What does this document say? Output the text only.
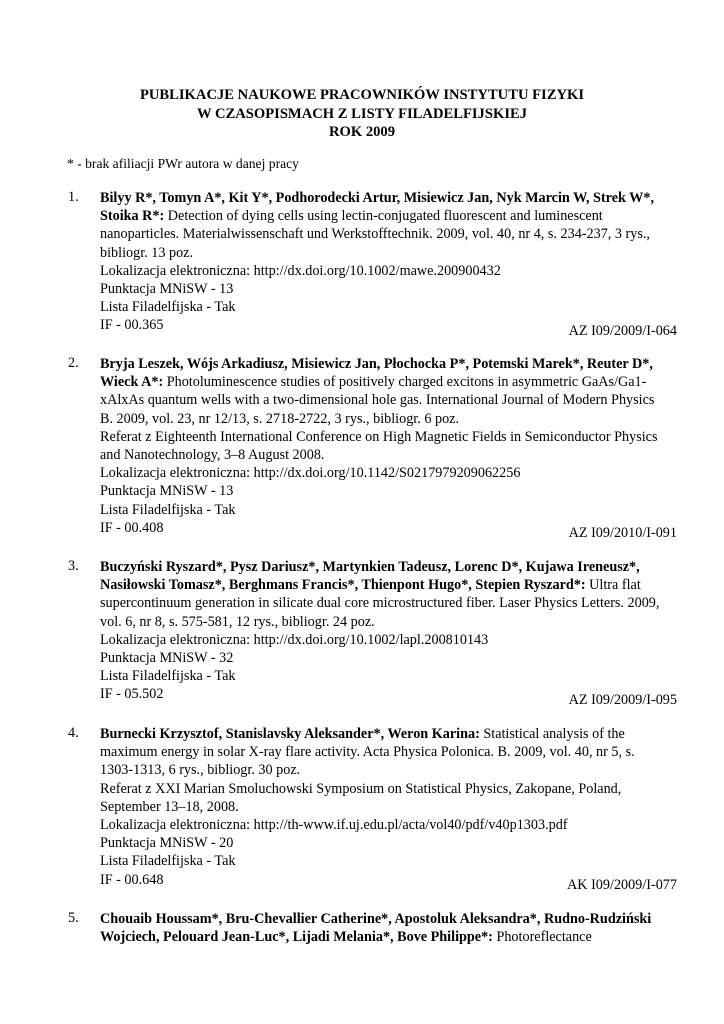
PUBLIKACJE NAUKOWE PRACOWNIKÓW INSTYTUTU FIZYKI
W CZASOPISMACH Z LISTY FILADELFIJSKIEJ
ROK 2009
* - brak afiliacji PWr autora w danej pracy
1. Bilyy R*, Tomyn A*, Kit Y*, Podhorodecki Artur, Misiewicz Jan, Nyk Marcin W, Strek W*,
Stoika R*: Detection of dying cells using lectin-conjugated fluorescent and luminescent
nanoparticles. Materialwissenschaft und Werkstofftechnik. 2009, vol. 40, nr 4, s. 234-237, 3 rys.,
bibliogr. 13 poz.
Lokalizacja elektroniczna: http://dx.doi.org/10.1002/mawe.200900432
Punktacja MNiSW - 13
Lista Filadelfijska - Tak
IF - 00.365	AZ I09/2009/I-064
2. Bryja Leszek, Wójs Arkadiusz, Misiewicz Jan, Płochocka P*, Potemski Marek*, Reuter D*,
Wieck A*: Photoluminescence studies of positively charged excitons in asymmetric GaAs/Ga1-
xAlxAs quantum wells with a two-dimensional hole gas. International Journal of Modern Physics
B. 2009, vol. 23, nr 12/13, s. 2718-2722, 3 rys., bibliogr. 6 poz.
Referat z Eighteenth International Conference on High Magnetic Fields in Semiconductor Physics
and Nanotechnology, 3–8 August 2008.
Lokalizacja elektroniczna: http://dx.doi.org/10.1142/S0217979209062256
Punktacja MNiSW - 13
Lista Filadelfijska - Tak
IF - 00.408	AZ I09/2010/I-091
3. Buczyński Ryszard*, Pysz Dariusz*, Martynkien Tadeusz, Lorenc D*, Kujawa Ireneusz*,
Nasiłowski Tomasz*, Berghmans Francis*, Thienpont Hugo*, Stepien Ryszard*: Ultra flat
supercontinuum generation in silicate dual core microstructured fiber. Laser Physics Letters. 2009,
vol. 6, nr 8, s. 575-581, 12 rys., bibliogr. 24 poz.
Lokalizacja elektroniczna: http://dx.doi.org/10.1002/lapl.200810143
Punktacja MNiSW - 32
Lista Filadelfijska - Tak
IF - 05.502	AZ I09/2009/I-095
4. Burnecki Krzysztof, Stanislavsky Aleksander*, Weron Karina: Statistical analysis of the
maximum energy in solar X-ray flare activity. Acta Physica Polonica. B. 2009, vol. 40, nr 5, s.
1303-1313, 6 rys., bibliogr. 30 poz.
Referat z XXI Marian Smoluchowski Symposium on Statistical Physics, Zakopane, Poland,
September 13–18, 2008.
Lokalizacja elektroniczna: http://th-www.if.uj.edu.pl/acta/vol40/pdf/v40p1303.pdf
Punktacja MNiSW - 20
Lista Filadelfijska - Tak
IF - 00.648	AK I09/2009/I-077
5. Chouaib Houssam*, Bru-Chevallier Catherine*, Apostoluk Aleksandra*, Rudno-Rudziński
Wojciech, Pelouard Jean-Luc*, Lijadi Melania*, Bove Philippe*: Photoreflectance
